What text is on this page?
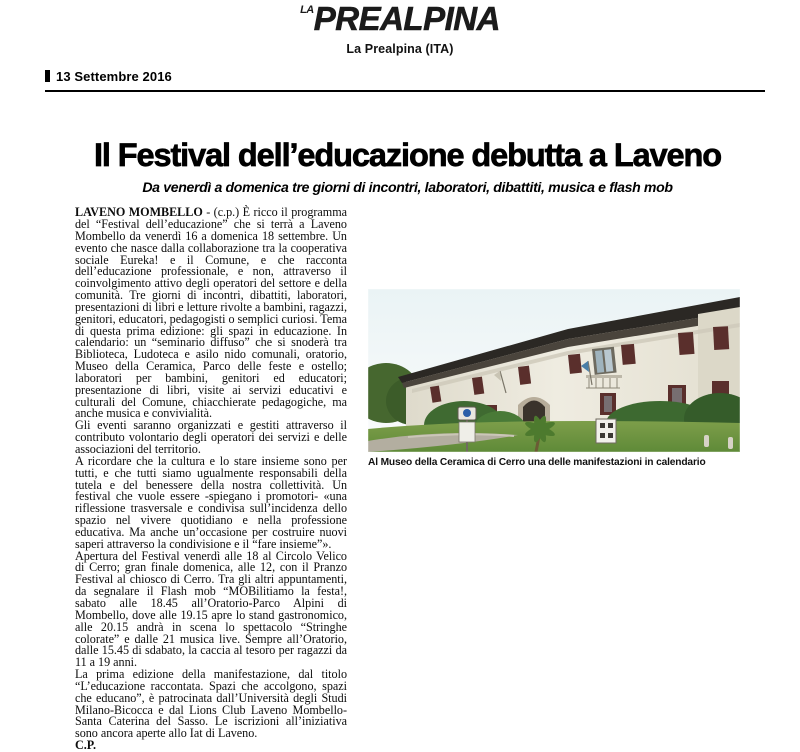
$^{LA}$PREALPINA
La Prealpina (ITA)
13 Settembre 2016
Il Festival dell’educazione debutta a Laveno
Da venerdì a domenica tre giorni di incontri, laboratori, dibattiti, musica e flash mob
Al Museo della Ceramica di Cerro una delle manifestazioni in calendario

LAVENO MOMBELLO - (c.p.) È ricco il programma del “Festival dell’educazione” che si terrà a Laveno Mombello da venerdì 16 a domenica 18 settembre. Un evento che nasce dalla collaborazione tra la cooperativa sociale Eureka! e il Comune, e che racconta dell’educazione professionale, e non, attraverso il coinvolgimento attivo degli operatori del settore e della comunità. Tre giorni di incontri, dibattiti, laboratori, presentazioni di libri e letture rivolte a bambini, ragazzi, genitori, educatori, pedagogisti o semplici curiosi. Tema di questa prima edizione: gli spazi in educazione. In calendario: un “seminario diffuso” che si snoderà tra Biblioteca, Ludoteca e asilo nido comunali, oratorio, Museo della Ceramica, Parco delle feste e ostello; laboratori per bambini, genitori ed educatori; presentazione di libri, visite ai servizi educativi e culturali del Comune, chiacchierate pedagogiche, ma anche musica e convivialità.

Gli eventi saranno organizzati e gestiti attraverso il contributo volontario degli operatori dei servizi e delle associazioni del territorio.

A ricordare che la cultura e lo stare insieme sono per tutti, e che tutti siamo ugualmente responsabili della tutela e del benessere della nostra collettività. Un festival che vuole essere -spiegano i promotori- «una riflessione trasversale e condivisa sull’incidenza dello spazio nel vivere quotidiano e nella professione educativa. Ma anche un’occasione per costruire nuovi saperi attraverso la condivisione e il “fare insieme”».

Apertura del Festival venerdì alle 18 al Circolo Velico di Cerro; gran finale domenica, alle 12, con il Pranzo Festival al chiosco di Cerro. Tra gli altri appuntamenti, da segnalare il Flash mob “MOBilitiamo la festa!, sabato alle 18.45 all’Oratorio-Parco Alpini di Mombello, dove alle 19.15 apre lo stand gastronomico, alle 20.15 andrà in scena lo spettacolo “Stringhe colorate” e dalle 21 musica live. Sempre all’Oratorio, dalle 15.45 di sdabato, la caccia al tesoro per ragazzi da 11 a 19 anni.

La prima edizione della manifestazione, dal titolo “L’educazione raccontata. Spazi che accolgono, spazi che educano”, è patrocinata dall’Università degli Studi Milano-Bicocca e dal Lions Club Laveno Mombello-Santa Caterina del Sasso. Le iscrizioni all’iniziativa sono ancora aperte allo Iat di Laveno.

C.P.
